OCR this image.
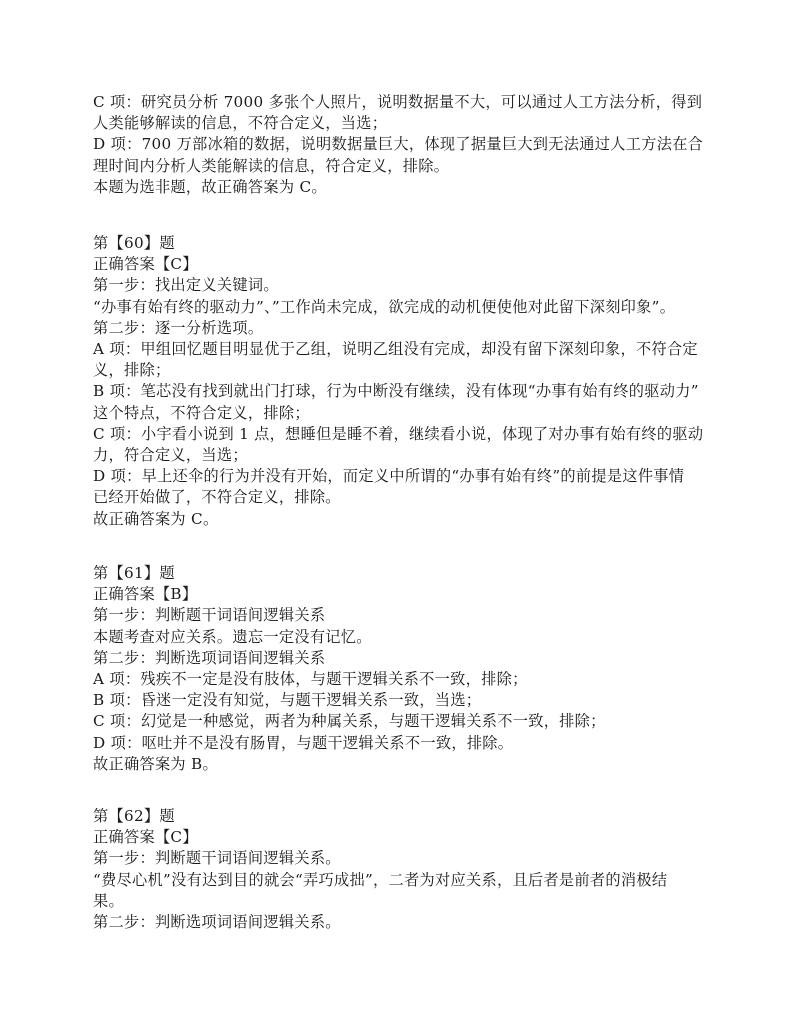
C 项：研究员分析 7000 多张个人照片，说明数据量不大，可以通过人工方法分析，得到
人类能够解读的信息，不符合定义，当选；
D 项：700 万部冰箱的数据，说明数据量巨大，体现了据量巨大到无法通过人工方法在合
理时间内分析人类能解读的信息，符合定义，排除。
本题为选非题，故正确答案为 C。
第【60】题
正确答案【C】
第一步：找出定义关键词。
“办事有始有终的驱动力”、”工作尚未完成，欲完成的动机便使他对此留下深刻印象”。
第二步：逐一分析选项。
A 项：甲组回忆题目明显优于乙组，说明乙组没有完成，却没有留下深刻印象，不符合定
义，排除；
B 项：笔芯没有找到就出门打球，行为中断没有继续，没有体现“办事有始有终的驱动力”
这个特点，不符合定义，排除；
C 项：小宇看小说到 1 点，想睡但是睡不着，继续看小说，体现了对办事有始有终的驱动
力，符合定义，当选；
D 项：早上还伞的行为并没有开始，而定义中所谓的“办事有始有终”的前提是这件事情
已经开始做了，不符合定义，排除。
故正确答案为 C。
第【61】题
正确答案【B】
第一步：判断题干词语间逻辑关系
本题考查对应关系。遗忘一定没有记忆。
第二步：判断选项词语间逻辑关系
A 项：残疾不一定是没有肢体，与题干逻辑关系不一致，排除；
B 项：昏迷一定没有知觉，与题干逻辑关系一致，当选；
C 项：幻觉是一种感觉，两者为种属关系，与题干逻辑关系不一致，排除；
D 项：呕吐并不是没有肠胃，与题干逻辑关系不一致，排除。
故正确答案为 B。
第【62】题
正确答案【C】
第一步：判断题干词语间逻辑关系。
“费尽心机”没有达到目的就会“弄巧成拙”，二者为对应关系，且后者是前者的消极结
果。
第二步：判断选项词语间逻辑关系。
